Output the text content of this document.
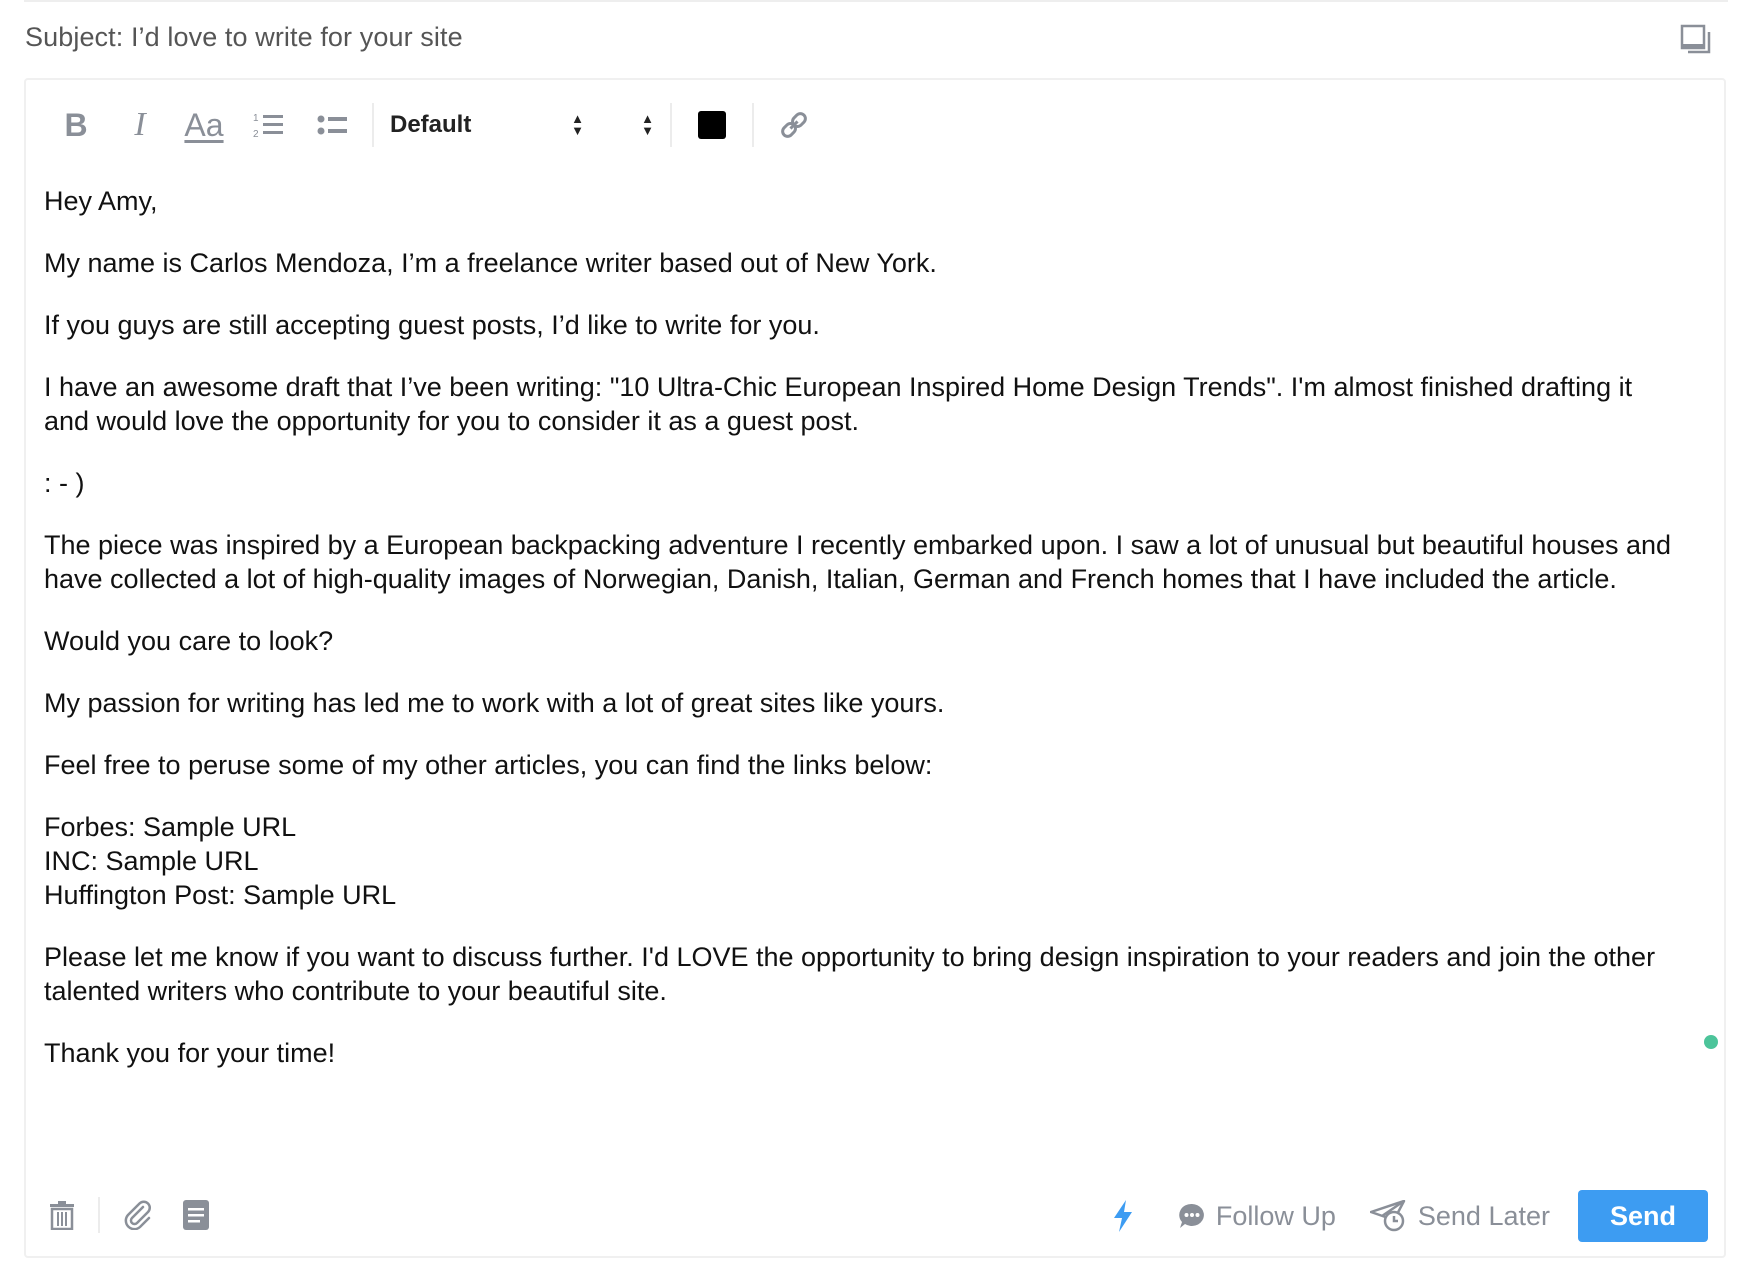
Subject: I’d love to write for your site
B I Aa	1
2	Default	▲
▼
▲
▼

Hey Amy,

My name is Carlos Mendoza, I’m a freelance writer based out of New York.

If you guys are still accepting guest posts, I’d like to write for you.

I have an awesome draft that I’ve been writing: "10 Ultra-Chic European Inspired Home Design Trends". I'm almost finished drafting it and would love the opportunity for you to consider it as a guest post.

: - )

The piece was inspired by a European backpacking adventure I recently embarked upon. I saw a lot of unusual but beautiful houses and have collected a lot of high-quality images of Norwegian, Danish, Italian, German and French homes that I have included the article.

Would you care to look?

My passion for writing has led me to work with a lot of great sites like yours.

Feel free to peruse some of my other articles, you can find the links below:

Forbes: Sample URL
INC: Sample URL
Huffington Post: Sample URL

Please let me know if you want to discuss further. I'd LOVE the opportunity to bring design inspiration to your readers and join the other talented writers who contribute to your beautiful site.

Thank you for your time!

Follow Up	Send Later	Send
